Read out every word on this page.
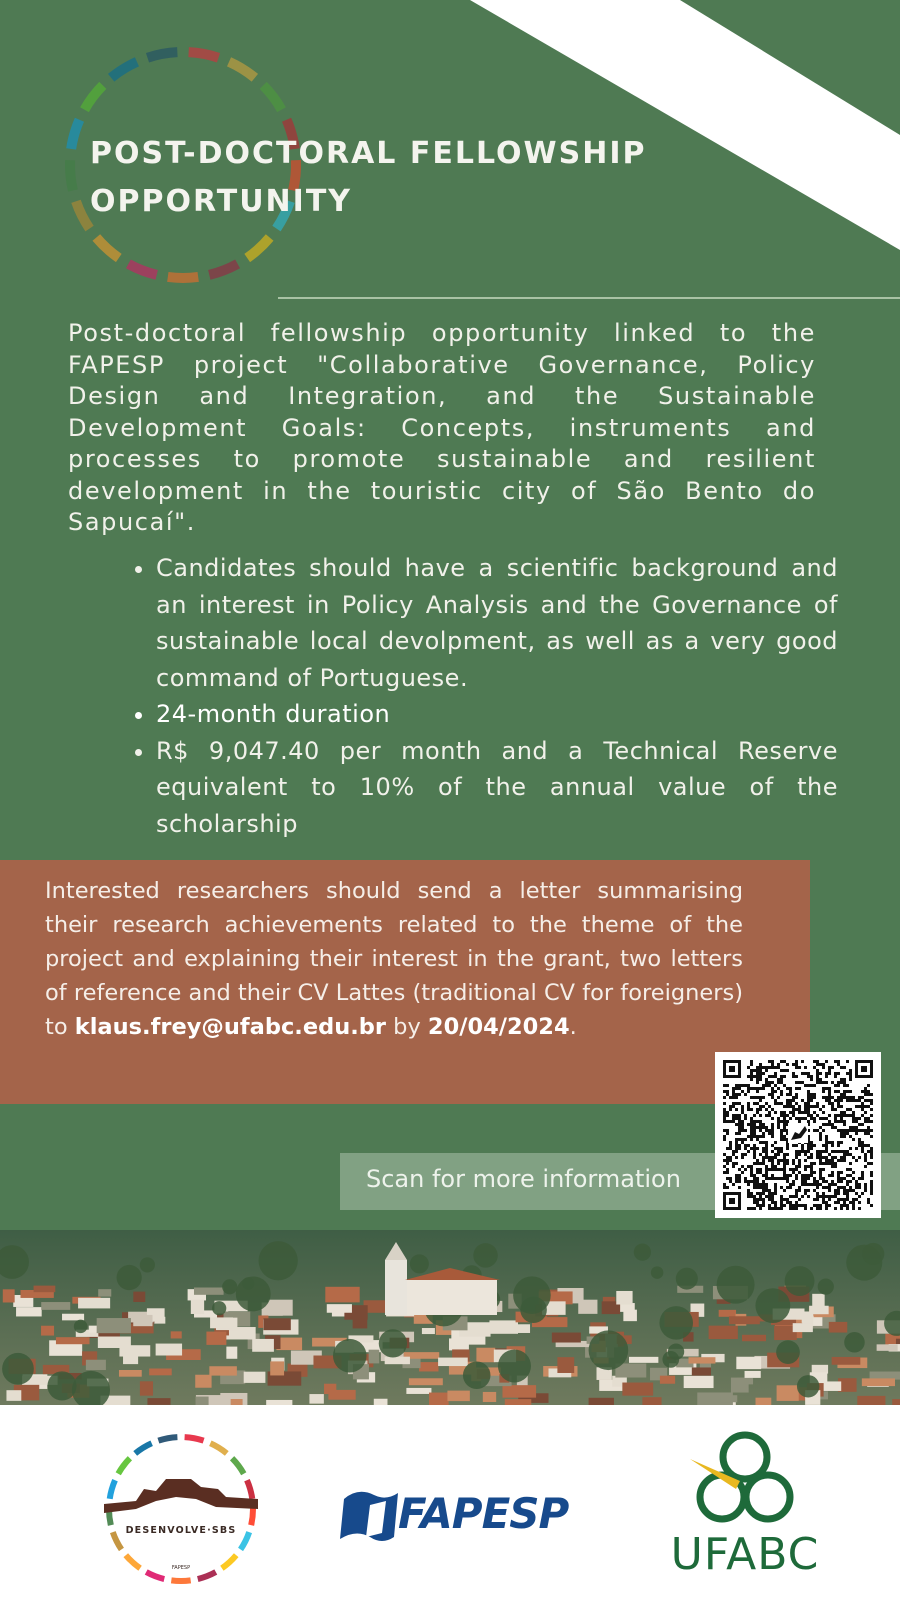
POST-DOCTORAL FELLOWSHIP
OPPORTUNITY
Post-doctoral fellowship opportunity linked to the FAPESP project "Collaborative Governance, Policy Design and Integration, and the Sustainable Development Goals: Concepts, instruments and processes to promote sustainable and resilient development in the touristic city of São Bento do Sapucaí".
• Candidates should have a scientific background and an interest in Policy Analysis and the Governance of sustainable local devolpment, as well as a very good command of Portuguese.
• 24-month duration
• R$ 9,047.40 per month and a Technical Reserve equivalent to 10% of the annual value of the scholarship

Interested researchers should send a letter summarising their research achievements related to the theme of the project and explaining their interest in the grant, two letters of reference and their CV Lattes (traditional CV for foreigners) to klaus.frey@ufabc.edu.br by 20/04/2024.

Scan for more information
DESENVOLVE·SBS
FAPESP
FAPESP
UFABC
